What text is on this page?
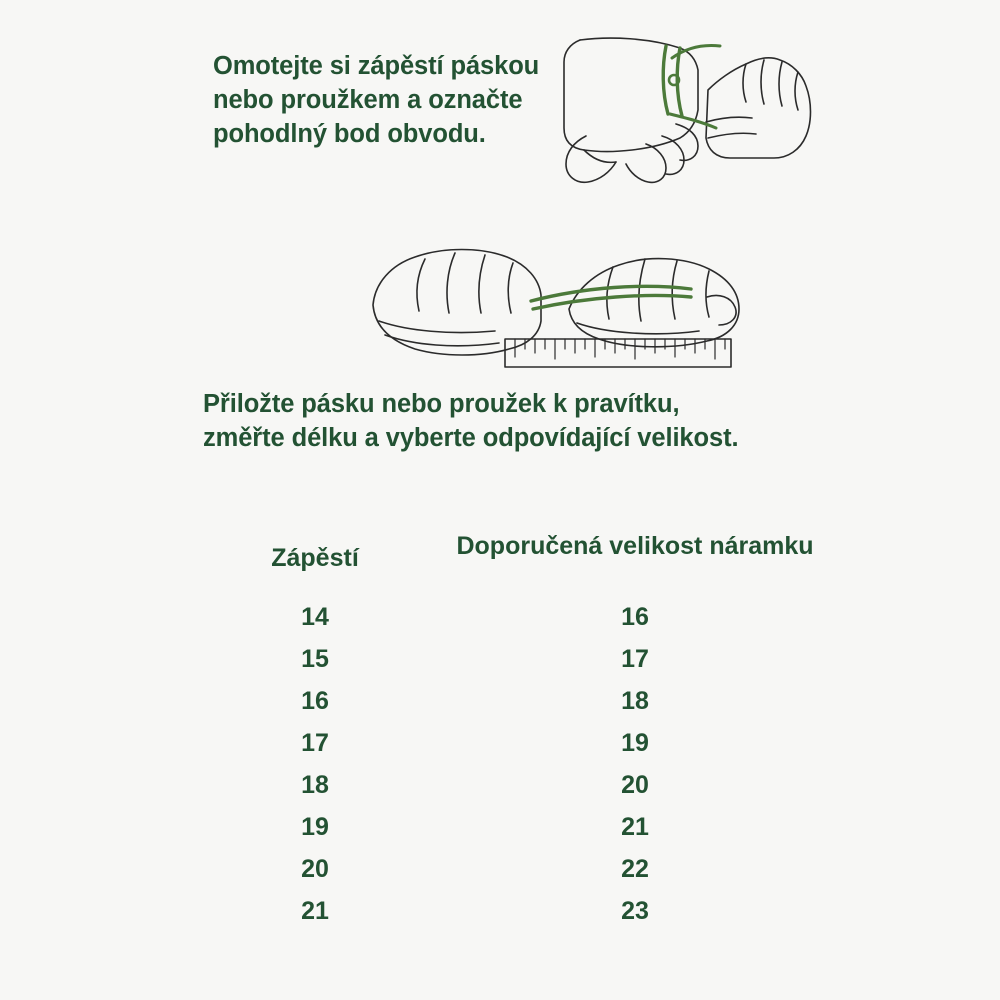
Omotejte si zápěstí páskou nebo proužkem a označte pohodlný bod obvodu.
Přiložte pásku nebo proužek k pravítku, změřte délku a vyberte odpovídající velikost.
Zápěstí	Doporučená velikost náramku
14	16
15	17
16	18
17	19
18	20
19	21
20	22
21	23
